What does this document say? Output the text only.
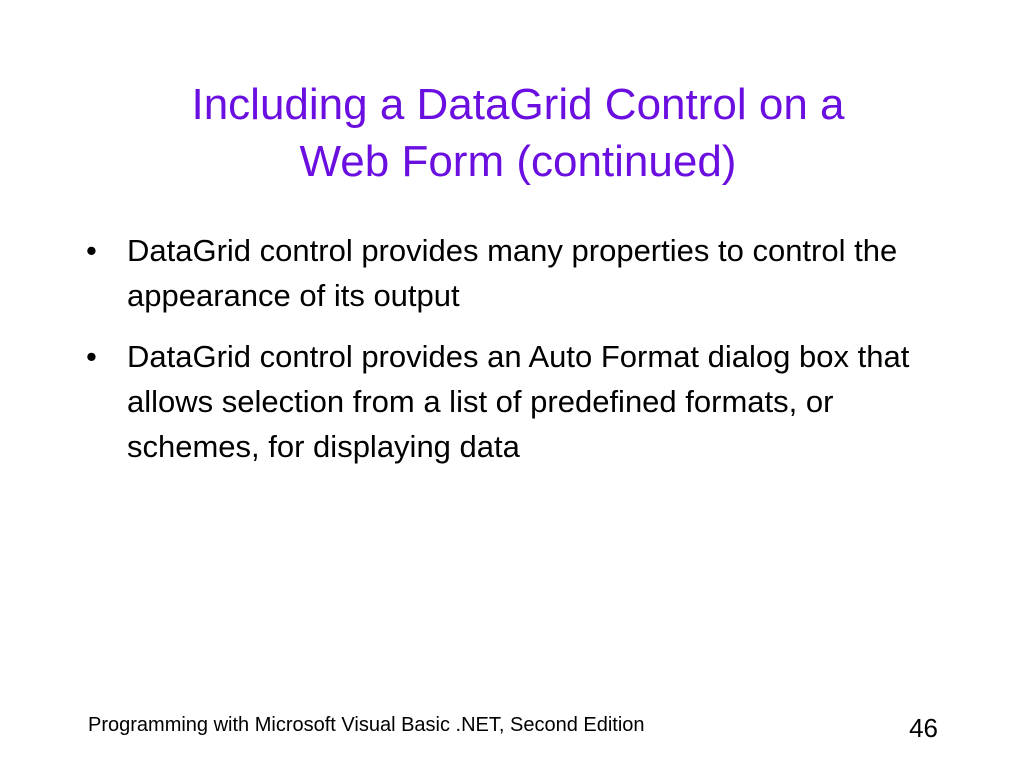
Including a DataGrid Control on a
Web Form (continued)
• DataGrid control provides many properties to control the appearance of its output
• DataGrid control provides an Auto Format dialog box that allows selection from a list of predefined formats, or schemes, for displaying data
Programming with Microsoft Visual Basic .NET, Second Edition	46
